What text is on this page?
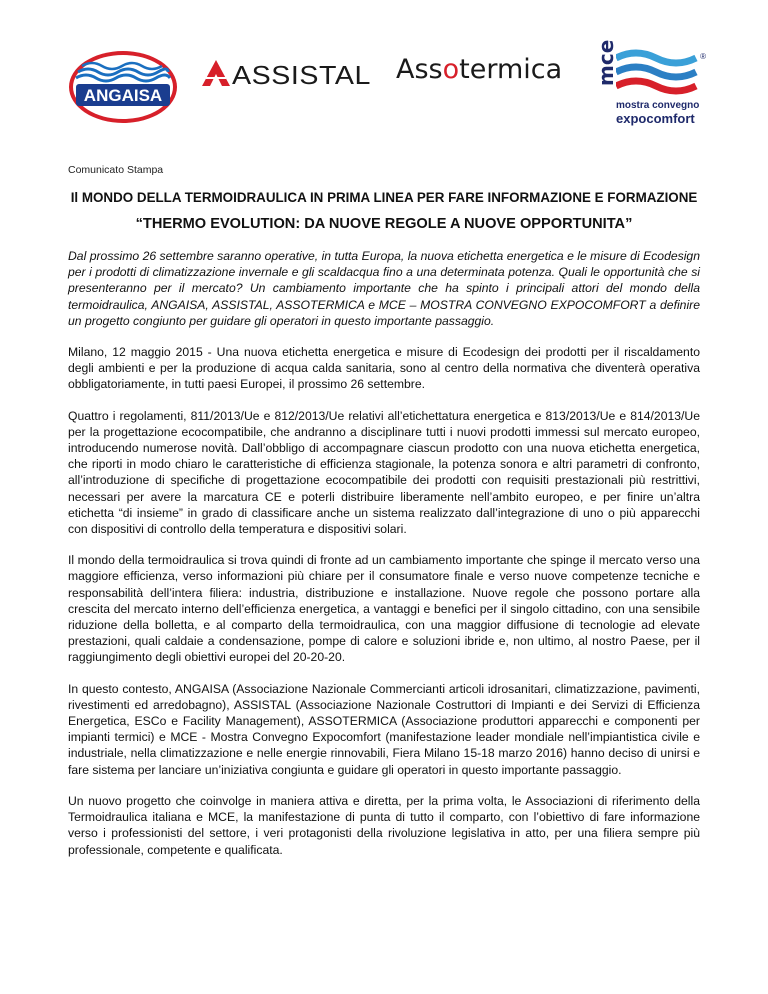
ANGAISA
ASSISTAL Assotermica mce	®
mostra convegno
expocomfort
Comunicato Stampa
Il MONDO DELLA TERMOIDRAULICA IN PRIMA LINEA PER FARE INFORMAZIONE E FORMAZIONE
“THERMO EVOLUTION: DA NUOVE REGOLE A NUOVE OPPORTUNITA”

Dal prossimo 26 settembre saranno operative, in tutta Europa, la nuova etichetta energetica e le misure di Ecodesign per i prodotti di climatizzazione invernale e gli scaldacqua fino a una determinata potenza. Quali le opportunità che si presenteranno per il mercato? Un cambiamento importante che ha spinto i principali attori del mondo della termoidraulica, ANGAISA, ASSISTAL, ASSOTERMICA e MCE – MOSTRA CONVEGNO EXPOCOMFORT a definire un progetto congiunto per guidare gli operatori in questo importante passaggio.

Milano, 12 maggio 2015 - Una nuova etichetta energetica e misure di Ecodesign dei prodotti per il riscaldamento degli ambienti e per la produzione di acqua calda sanitaria, sono al centro della normativa che diventerà operativa obbligatoriamente, in tutti paesi Europei, il prossimo 26 settembre.

Quattro i regolamenti, 811/2013/Ue e 812/2013/Ue relativi all’etichettatura energetica e 813/2013/Ue e 814/2013/Ue per la progettazione ecocompatibile, che andranno a disciplinare tutti i nuovi prodotti immessi sul mercato europeo, introducendo numerose novità. Dall’obbligo di accompagnare ciascun prodotto con una nuova etichetta energetica, che riporti in modo chiaro le caratteristiche di efficienza stagionale, la potenza sonora e altri parametri di confronto, all’introduzione di specifiche di progettazione ecocompatibile dei prodotti con requisiti prestazionali più restrittivi, necessari per avere la marcatura CE e poterli distribuire liberamente nell’ambito europeo, e per finire un’altra etichetta “di insieme” in grado di classificare anche un sistema realizzato dall’integrazione di uno o più apparecchi con dispositivi di controllo della temperatura e dispositivi solari.

Il mondo della termoidraulica si trova quindi di fronte ad un cambiamento importante che spinge il mercato verso una maggiore efficienza, verso informazioni più chiare per il consumatore finale e verso nuove competenze tecniche e responsabilità dell’intera filiera: industria, distribuzione e installazione. Nuove regole che possono portare alla crescita del mercato interno dell’efficienza energetica, a vantaggi e benefici per il singolo cittadino, con una sensibile riduzione della bolletta, e al comparto della termoidraulica, con una maggior diffusione di tecnologie ad elevate prestazioni, quali caldaie a condensazione, pompe di calore e soluzioni ibride e, non ultimo, al nostro Paese, per il raggiungimento degli obiettivi europei del 20-20-20.

In questo contesto, ANGAISA (Associazione Nazionale Commercianti articoli idrosanitari, climatizzazione, pavimenti, rivestimenti ed arredobagno), ASSISTAL (Associazione Nazionale Costruttori di Impianti e dei Servizi di Efficienza Energetica, ESCo e Facility Management), ASSOTERMICA (Associazione produttori apparecchi e componenti per impianti termici) e MCE - Mostra Convegno Expocomfort (manifestazione leader mondiale nell’impiantistica civile e industriale, nella climatizzazione e nelle energie rinnovabili, Fiera Milano 15-18 marzo 2016) hanno deciso di unirsi e fare sistema per lanciare un’iniziativa congiunta e guidare gli operatori in questo importante passaggio.

Un nuovo progetto che coinvolge in maniera attiva e diretta, per la prima volta, le Associazioni di riferimento della Termoidraulica italiana e MCE, la manifestazione di punta di tutto il comparto, con l’obiettivo di fare informazione verso i professionisti del settore, i veri protagonisti della rivoluzione legislativa in atto, per una filiera sempre più professionale, competente e qualificata.
